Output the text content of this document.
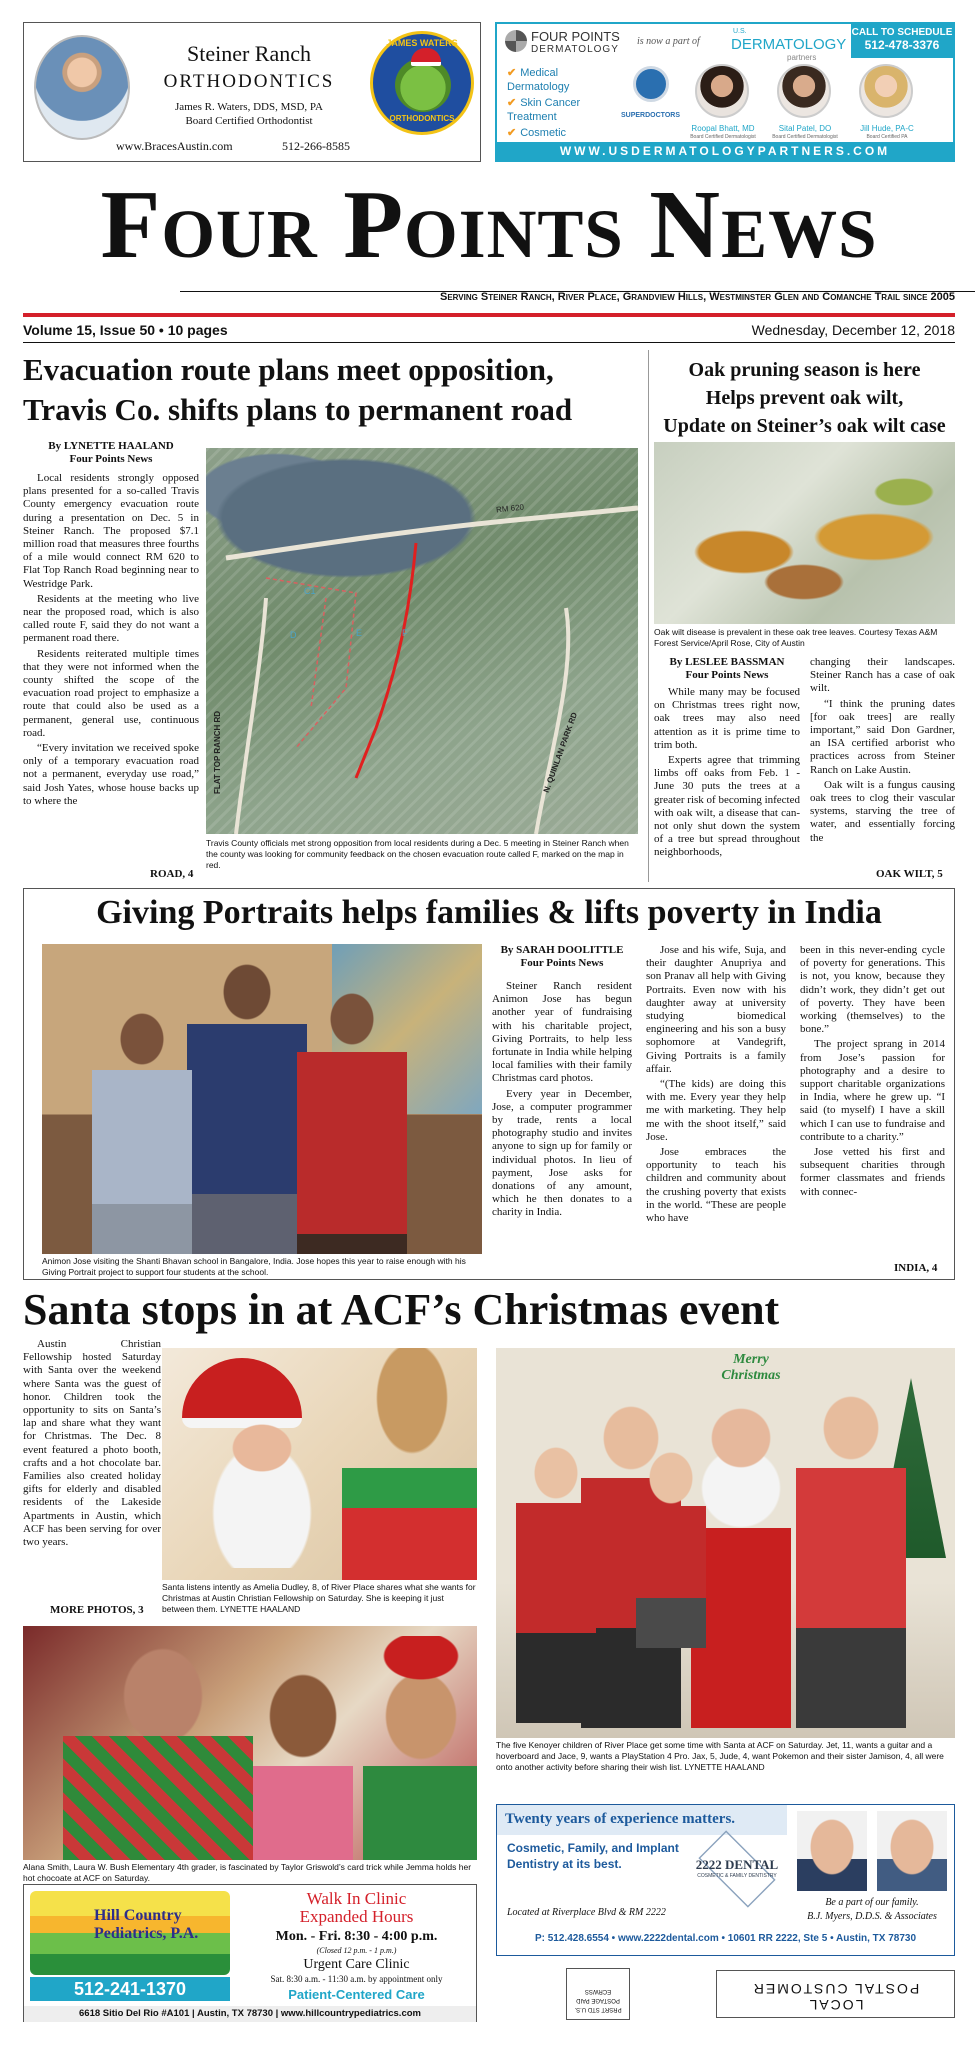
Steiner Ranch
ORTHODONTICS
James R. Waters, DDS, MSD, PA
Board Certified Orthodontist
www.BracesAustin.com	512-266-8585
JAMES WATERS
ORTHODONTICS
FOUR POINTS
DERMATOLOGY
is now a part of
U.S.
DERMATOLOGY
partners
CALL TO SCHEDULE
512-478-3376
✔ Medical Dermatology
✔ Skin Cancer Treatment
✔ Cosmetic
SUPERDOCTORS
Roopal Bhatt, MD
Board Certified Dermatologist
Sital Patel, DO
Board Certified Dermatologist
Jill Hude, PA-C
Board Certified PA
WWW.USDERMATOLOGYPARTNERS.COM
Four Points News
Serving Steiner Ranch, River Place, Grandview Hills, Westminster Glen and Comanche Trail since 2005
Volume 15, Issue 50 • 10 pages	Wednesday, December 12, 2018
Evacuation route plans meet opposition,
Travis Co. shifts plans to permanent road
By LYNETTE HAALAND
Four Points News

Local residents strongly opposed plans presented for a so-called Travis County emergency evacuation route during a presentation on Dec. 5 in Steiner Ranch. The proposed $7.1 million road that measures three fourths of a mile would connect RM 620 to Flat Top Ranch Road beginning near to Westridge Park.

Residents at the meeting who live near the proposed road, which is also called route F, said they do not want a permanent road there.

Residents reiterated multiple times that they were not informed when the county shifted the scope of the evacuation road project to emphasize a route that could also be used as a permanent, general use, continuous road.

“Every invitation we received spoke only of a temporary evacuation road not a permanent, everyday use road,” said Josh Yates, whose house backs up to where the

ROAD, 4
RM 620
FLAT TOP RANCH RD	N. QUINLAN PARK RD
C1
F
D	E
Travis County officials met strong opposition from local residents during a Dec. 5 meeting in Steiner Ranch when the county was looking for community feedback on the chosen evacuation route called F, marked on the map in red.
Oak pruning season is here
Helps prevent oak wilt,
Update on Steiner’s oak wilt case
Oak wilt disease is prevalent in these oak tree leaves. Courtesy Texas A&M Forest Service/April Rose, City of Austin
By LESLEE BASSMAN
Four Points News

While many may be focused on Christmas trees right now, oak trees may also need attention as it is prime time to trim both.

Experts agree that trimming limbs off oaks from Feb. 1 - June 30 puts the trees at a greater risk of becoming infected with oak wilt, a disease that can-not only shut down the system of a tree but spread throughout neighborhoods,

changing their landscapes. Steiner Ranch has a case of oak wilt.

“I think the pruning dates [for oak trees] are really important,” said Don Gardner, an ISA certified arborist who practices across from Steiner Ranch on Lake Austin.

Oak wilt is a fungus causing oak trees to clog their vascular systems, starving the tree of water, and essentially forcing the

OAK WILT, 5
Giving Portraits helps families & lifts poverty in India
Animon Jose visiting the Shanti Bhavan school in Bangalore, India. Jose hopes this year to raise enough with his Giving Portrait project to support four students at the school.
By SARAH DOOLITTLE
Four Points News

Steiner Ranch resident Animon Jose has begun another year of fundraising with his charitable project, Giving Portraits, to help less fortunate in India while helping local families with their family Christmas card photos.

Every year in December, Jose, a computer programmer by trade, rents a local photography studio and invites anyone to sign up for family or individual photos. In lieu of payment, Jose asks for donations of any amount, which he then donates to a charity in India.

Jose and his wife, Suja, and their daughter Anupriya and son Pranav all help with Giving Portraits. Even now with his daughter away at university studying biomedical engineering and his son a busy sophomore at Vandegrift, Giving Portraits is a family affair.

“(The kids) are doing this with me. Every year they help me with marketing. They help me with the shoot itself,” said Jose.

Jose embraces the opportunity to teach his children and community about the crushing poverty that exists in the world. “These are people who have

been in this never-ending cycle of poverty for generations. This is not, you know, because they didn’t work, they didn’t get out of poverty. They have been working (themselves) to the bone.”

The project sprang in 2014 from Jose’s passion for photography and a desire to support charitable organizations in India, where he grew up. “I said (to myself) I have a skill which I can use to fundraise and contribute to a charity.”

Jose vetted his first and subsequent charities through former classmates and friends with connec-

INDIA, 4
Santa stops in at ACF’s Christmas event

Austin Christian Fellowship hosted Saturday with Santa over the weekend where Santa was the guest of honor. Children took the opportunity to sits on Santa’s lap and share what they want for Christmas. The Dec. 8 event featured a photo booth, crafts and a hot chocolate bar. Families also created holiday gifts for elderly and disabled residents of the Lakeside Apartments in Austin, which ACF has been serving for over two years.

MORE PHOTOS, 3
Santa listens intently as Amelia Dudley, 8, of River Place shares what she wants for Christmas at Austin Christian Fellowship on Saturday. She is keeping it just between them. LYNETTE HAALAND
Alana Smith, Laura W. Bush Elementary 4th grader, is fascinated by Taylor Griswold’s card trick while Jemma holds her hot chocoate at ACF on Saturday.
Merry Christmas
The five Kenoyer children of River Place get some time with Santa at ACF on Saturday. Jet, 11, wants a guitar and a hoverboard and Jace, 9, wants a PlayStation 4 Pro. Jax, 5, Jude, 4, want Pokemon and their sister Jamison, 4, all were onto another activity before sharing their wish list. LYNETTE HAALAND
Twenty years of experience matters.
Cosmetic, Family, and Implant
Dentistry at its best.	2222 DENTAL
COSMETIC & FAMILY DENTISTRY
Located at Riverplace Blvd & RM 2222
Be a part of our family.
B.J. Myers, D.D.S. & Associates
P: 512.428.6554 • www.2222dental.com • 10601 RR 2222, Ste 5 • Austin, TX 78730
Hill Country
Pediatrics, P.A.
512-241-1370
Walk In Clinic
Expanded Hours
Mon. - Fri. 8:30 - 4:00 p.m.
(Closed 12 p.m. - 1 p.m.)
Urgent Care Clinic
Sat. 8:30 a.m. - 11:30 a.m. by appointment only
Patient-Centered Care
6618 Sitio Del Rio #A101 | Austin, TX 78730 | www.hillcountrypediatrics.com	PRSRT STD U.S. POSTAGE PAID ECRWSS
LOCAL
POSTAL CUSTOMER
